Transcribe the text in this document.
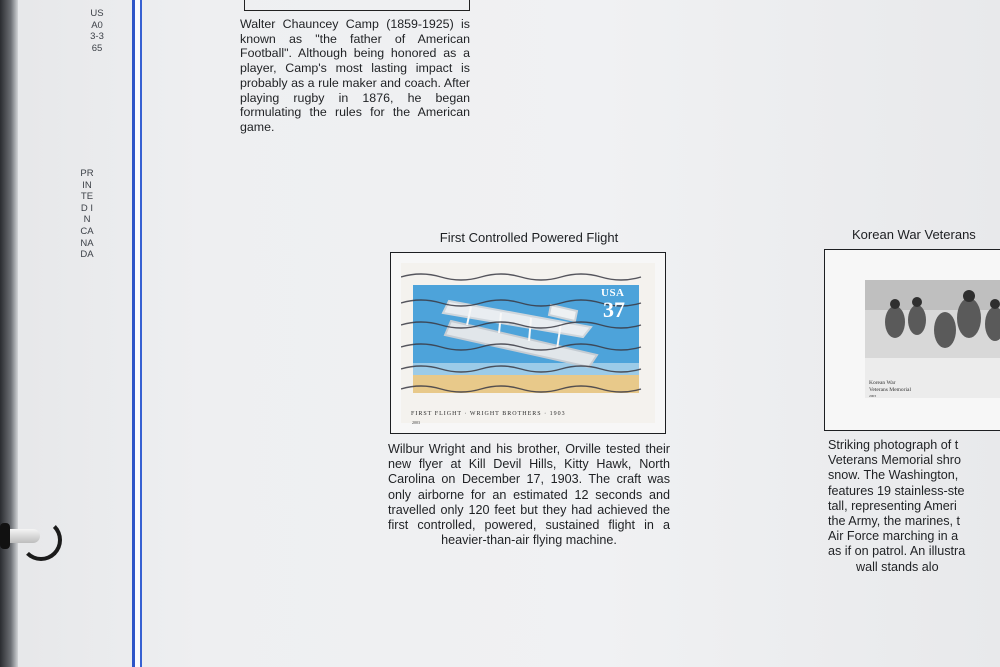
USA03-365
PRINTED IN CANADA
Walter Chauncey Camp (1859-1925) is known as "the father of American Football". Although being honored as a player, Camp's most lasting impact is probably as a rule maker and coach. After playing rugby in 1876, he began formulating the rules for the American game.
First Controlled Powered Flight
USA
37
FIRST FLIGHT · WRIGHT BROTHERS · 1903
2003
Wilbur Wright and his brother, Orville tested their new flyer at Kill Devil Hills, Kitty Hawk, North Carolina on December 17, 1903. The craft was only airborne for an estimated 12 seconds and travelled only 120 feet but they had achieved the first controlled, powered, sustained flight in a heavier-than-air flying machine.
Korean War Veterans
Korean War
Veterans Memorial
2003
Striking photograph of t
Veterans Memorial shro
snow. The Washington,
features 19 stainless-ste
tall, representing Ameri
the Army, the marines, t
Air Force marching in a
as if on patrol. An illustra
wall stands alo
